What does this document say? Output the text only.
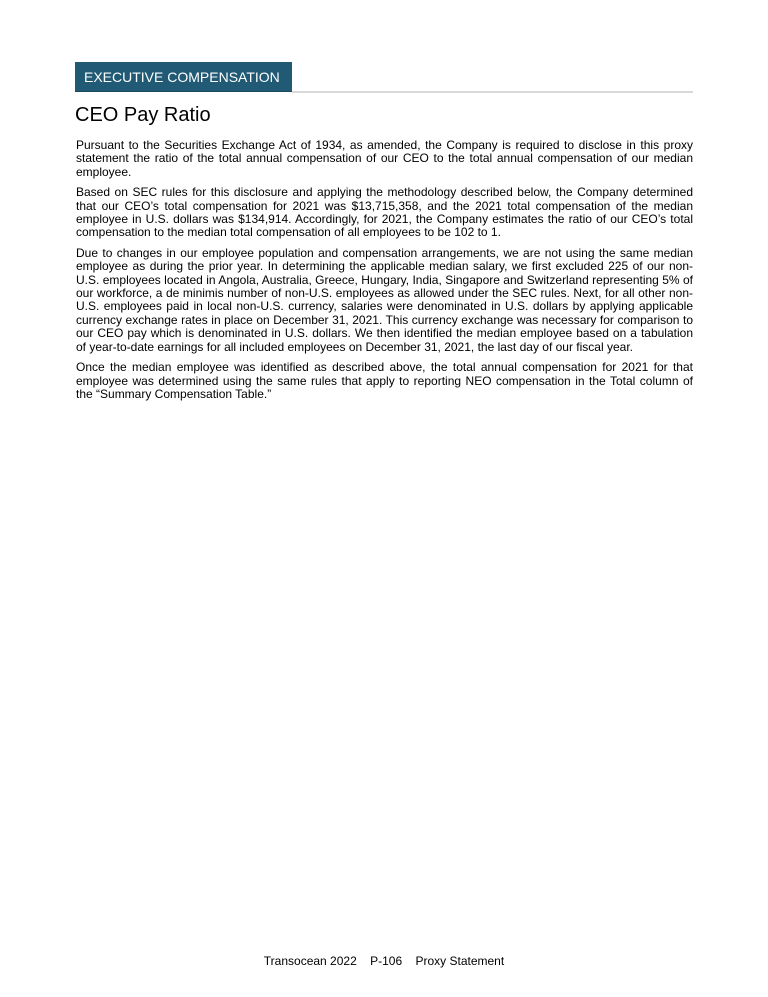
EXECUTIVE COMPENSATION
CEO Pay Ratio

Pursuant to the Securities Exchange Act of 1934, as amended, the Company is required to disclose in this proxy statement the ratio of the total annual compensation of our CEO to the total annual compensation of our median employee.

Based on SEC rules for this disclosure and applying the methodology described below, the Company determined that our CEO’s total compensation for 2021 was $13,715,358, and the 2021 total compensation of the median employee in U.S. dollars was $134,914. Accordingly, for 2021, the Company estimates the ratio of our CEO’s total compensation to the median total compensation of all employees to be 102 to 1.

Due to changes in our employee population and compensation arrangements, we are not using the same median employee as during the prior year. In determining the applicable median salary, we first excluded 225 of our non-U.S. employees located in Angola, Australia, Greece, Hungary, India, Singapore and Switzerland representing 5% of our workforce, a de minimis number of non-U.S. employees as allowed under the SEC rules. Next, for all other non-U.S. employees paid in local non-U.S. currency, salaries were denominated in U.S. dollars by applying applicable currency exchange rates in place on December 31, 2021. This currency exchange was necessary for comparison to our CEO pay which is denominated in U.S. dollars. We then identified the median employee based on a tabulation of year-to-date earnings for all included employees on December 31, 2021, the last day of our fiscal year.

Once the median employee was identified as described above, the total annual compensation for 2021 for that employee was determined using the same rules that apply to reporting NEO compensation in the Total column of the “Summary Compensation Table.”

Transocean 2022 P-106 Proxy Statement
